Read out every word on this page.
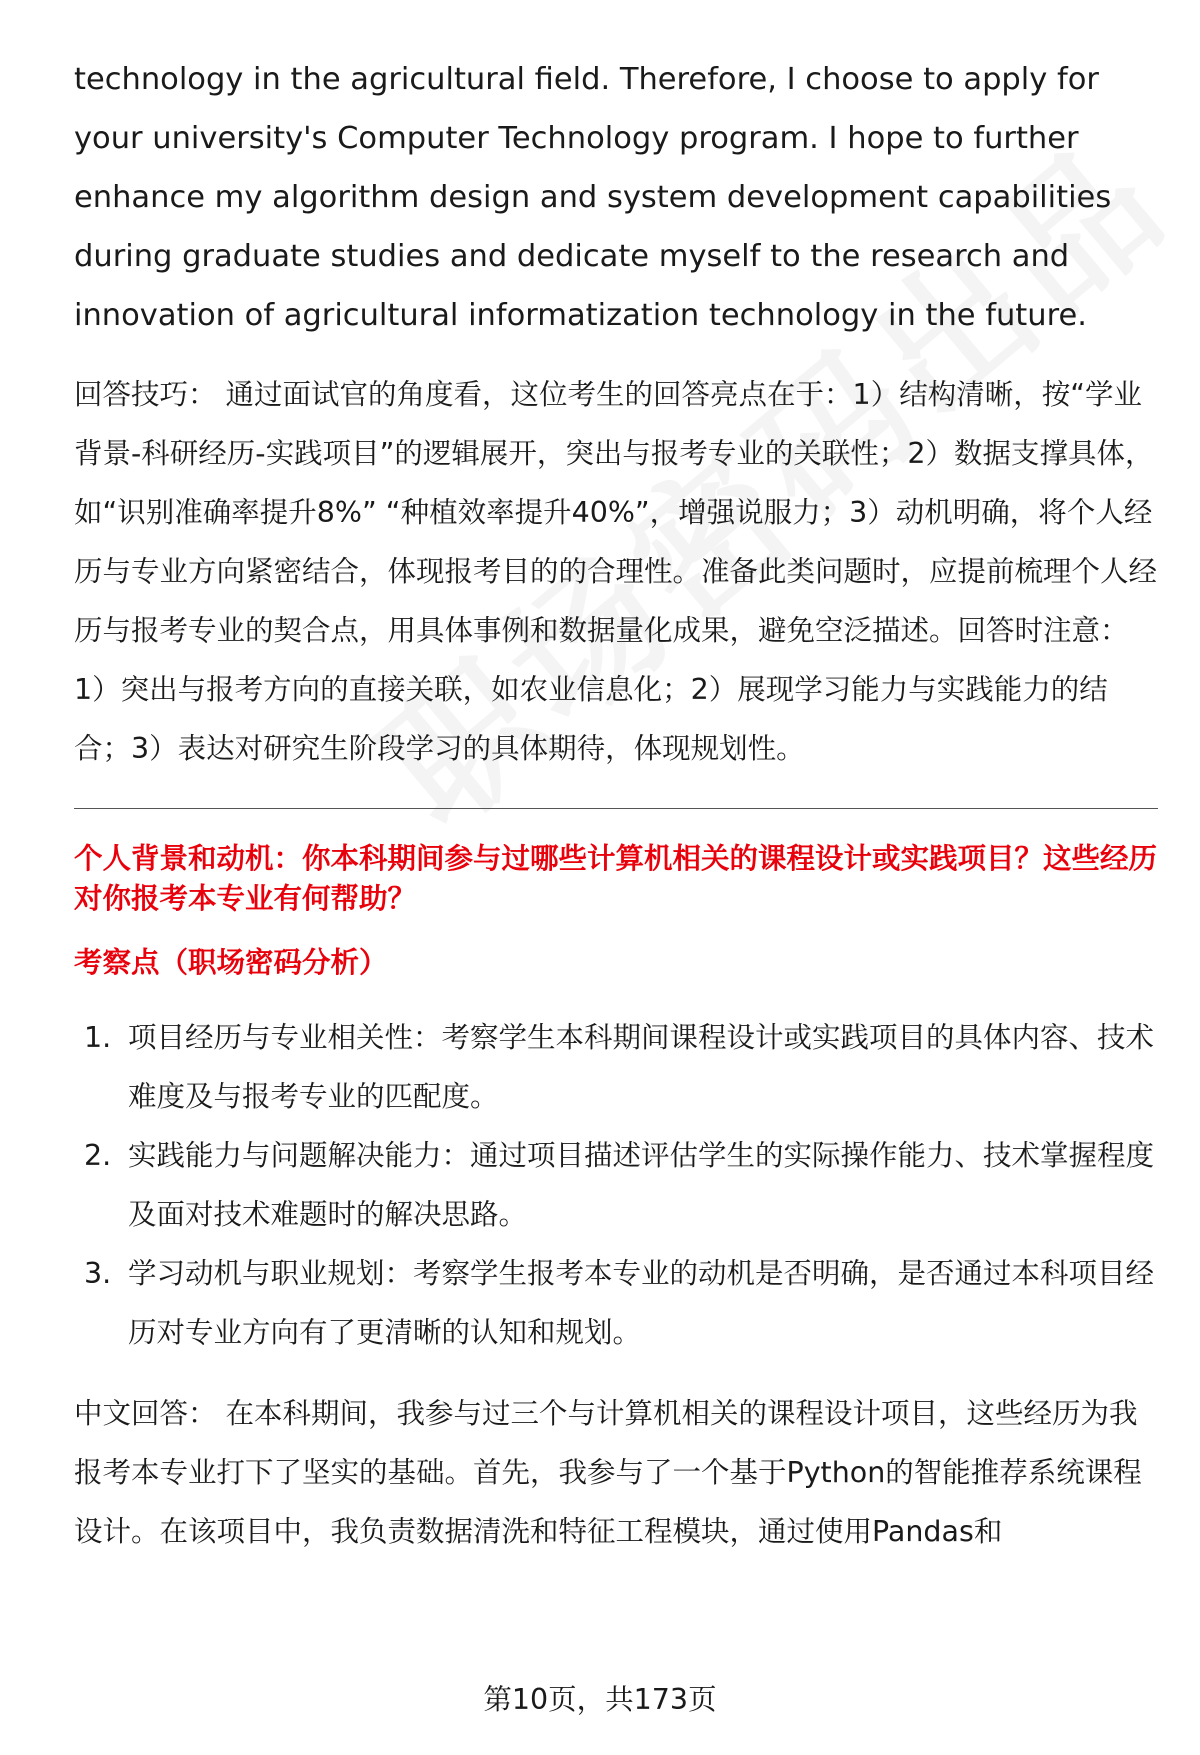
technology in the agricultural field. Therefore, I choose to apply for your university's Computer Technology program. I hope to further enhance my algorithm design and system development capabilities during graduate studies and dedicate myself to the research and innovation of agricultural informatization technology in the future.

回答技巧： 通过面试官的角度看，这位考生的回答亮点在于：1）结构清晰，按“学业背景-科研经历-实践项目”的逻辑展开，突出与报考专业的关联性；2）数据支撑具体，如“识别准确率提升8%” “种植效率提升40%”，增强说服力；3）动机明确，将个人经历与专业方向紧密结合，体现报考目的的合理性。准备此类问题时，应提前梳理个人经历与报考专业的契合点，用具体事例和数据量化成果，避免空泛描述。回答时注意：1）突出与报考方向的直接关联，如农业信息化；2）展现学习能力与实践能力的结合；3）表达对研究生阶段学习的具体期待，体现规划性。

个人背景和动机：你本科期间参与过哪些计算机相关的课程设计或实践项目？这些经历对你报考本专业有何帮助？

考察点（职场密码分析）

1. 项目经历与专业相关性：考察学生本科期间课程设计或实践项目的具体内容、技术难度及与报考专业的匹配度。
2. 实践能力与问题解决能力：通过项目描述评估学生的实际操作能力、技术掌握程度及面对技术难题时的解决思路。
3. 学习动机与职业规划：考察学生报考本专业的动机是否明确，是否通过本科项目经历对专业方向有了更清晰的认知和规划。

中文回答： 在本科期间，我参与过三个与计算机相关的课程设计项目，这些经历为我报考本专业打下了坚实的基础。首先，我参与了一个基于Python的智能推荐系统课程设计。在该项目中，我负责数据清洗和特征工程模块，通过使用Pandas和

第10页，共173页
